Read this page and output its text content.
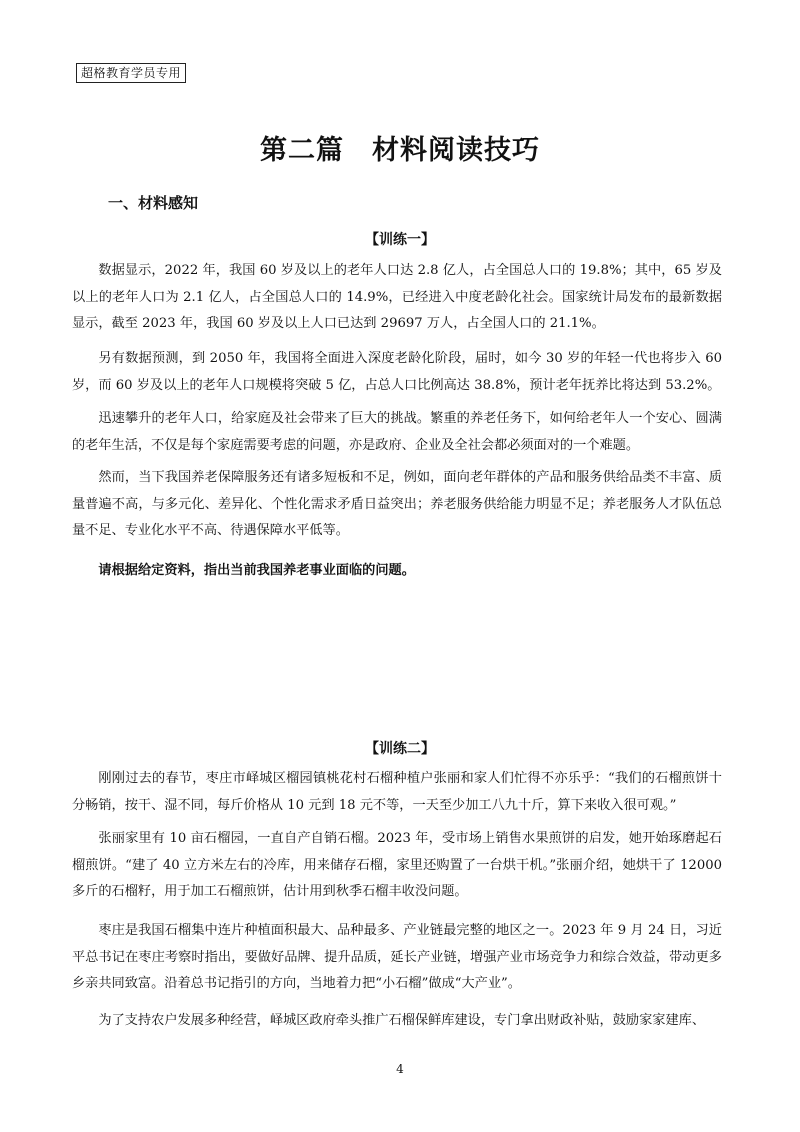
超格教育学员专用
第二篇　材料阅读技巧
一、材料感知
【训练一】

数据显示，2022 年，我国 60 岁及以上的老年人口达 2.8 亿人，占全国总人口的 19.8%；其中，65 岁及以上的老年人口为 2.1 亿人，占全国总人口的 14.9%，已经进入中度老龄化社会。国家统计局发布的最新数据显示，截至 2023 年，我国 60 岁及以上人口已达到 29697 万人，占全国人口的 21.1%。

另有数据预测，到 2050 年，我国将全面进入深度老龄化阶段，届时，如今 30 岁的年轻一代也将步入 60 岁，而 60 岁及以上的老年人口规模将突破 5 亿，占总人口比例高达 38.8%，预计老年抚养比将达到 53.2%。

迅速攀升的老年人口，给家庭及社会带来了巨大的挑战。繁重的养老任务下，如何给老年人一个安心、圆满的老年生活，不仅是每个家庭需要考虑的问题，亦是政府、企业及全社会都必须面对的一个难题。

然而，当下我国养老保障服务还有诸多短板和不足，例如，面向老年群体的产品和服务供给品类不丰富、质量普遍不高，与多元化、差异化、个性化需求矛盾日益突出；养老服务供给能力明显不足；养老服务人才队伍总量不足、专业化水平不高、待遇保障水平低等。

请根据给定资料，指出当前我国养老事业面临的问题。

【训练二】

刚刚过去的春节，枣庄市峄城区榴园镇桃花村石榴种植户张丽和家人们忙得不亦乐乎：“我们的石榴煎饼十分畅销，按干、湿不同，每斤价格从 10 元到 18 元不等，一天至少加工八九十斤，算下来收入很可观。”

张丽家里有 10 亩石榴园，一直自产自销石榴。2023 年，受市场上销售水果煎饼的启发，她开始琢磨起石榴煎饼。“建了 40 立方米左右的冷库，用来储存石榴，家里还购置了一台烘干机。”张丽介绍，她烘干了 12000 多斤的石榴籽，用于加工石榴煎饼，估计用到秋季石榴丰收没问题。

枣庄是我国石榴集中连片种植面积最大、品种最多、产业链最完整的地区之一。2023 年 9 月 24 日，习近平总书记在枣庄考察时指出，要做好品牌、提升品质，延长产业链，增强产业市场竞争力和综合效益，带动更多乡亲共同致富。沿着总书记指引的方向，当地着力把“小石榴”做成“大产业”。

为了支持农户发展多种经营，峄城区政府牵头推广石榴保鲜库建设，专门拿出财政补贴，鼓励家家建库、

4
